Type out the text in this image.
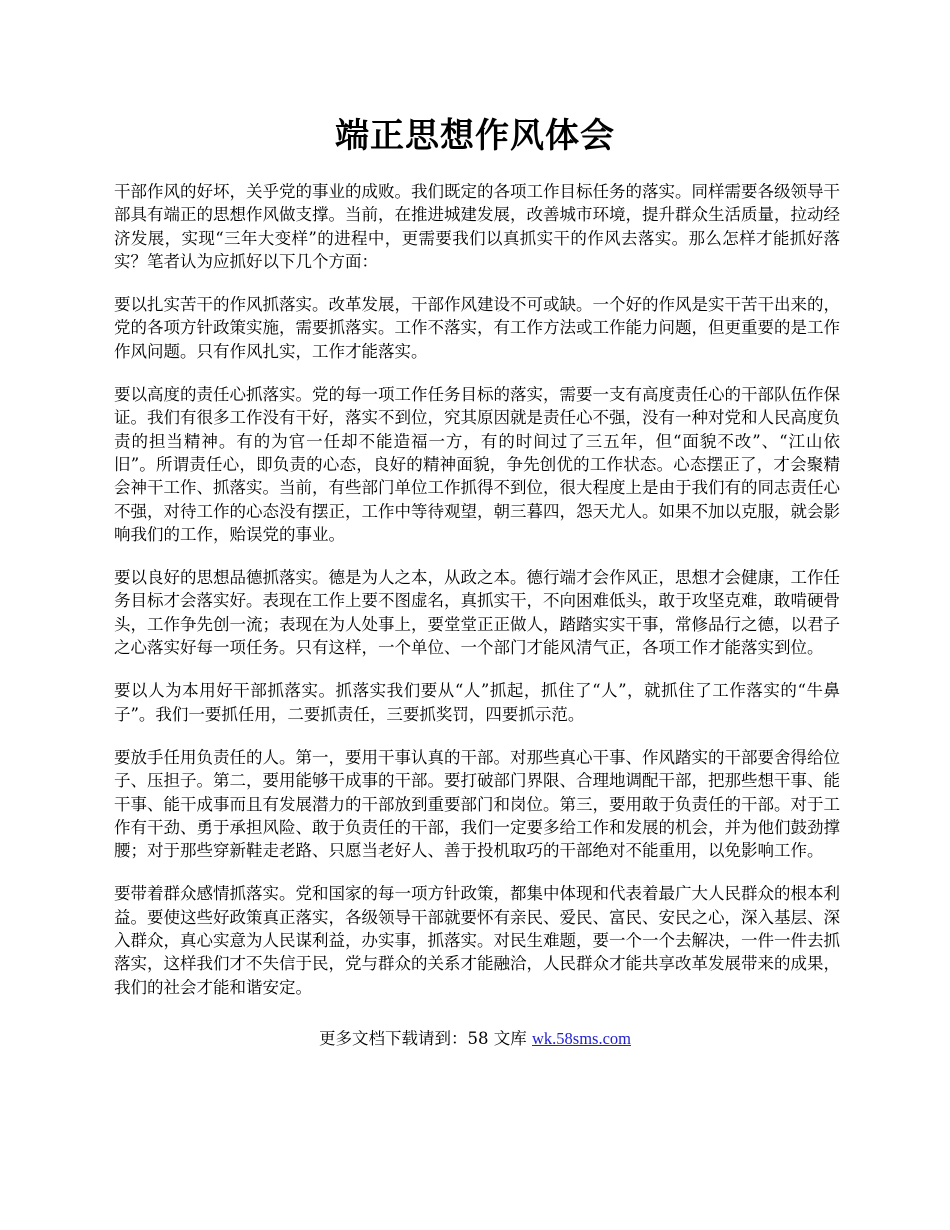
端正思想作风体会

干部作风的好坏，关乎党的事业的成败。我们既定的各项工作目标任务的落实。同样需要各级领导干部具有端正的思想作风做支撑。当前，在推进城建发展，改善城市环境，提升群众生活质量，拉动经济发展，实现“三年大变样”的进程中，更需要我们以真抓实干的作风去落实。那么怎样才能抓好落实？笔者认为应抓好以下几个方面：

要以扎实苦干的作风抓落实。改革发展，干部作风建设不可或缺。一个好的作风是实干苦干出来的，党的各项方针政策实施，需要抓落实。工作不落实，有工作方法或工作能力问题，但更重要的是工作作风问题。只有作风扎实，工作才能落实。

要以高度的责任心抓落实。党的每一项工作任务目标的落实，需要一支有高度责任心的干部队伍作保证。我们有很多工作没有干好，落实不到位，究其原因就是责任心不强，没有一种对党和人民高度负责的担当精神。有的为官一任却不能造福一方，有的时间过了三五年，但“面貌不改”、“江山依旧”。所谓责任心，即负责的心态，良好的精神面貌，争先创优的工作状态。心态摆正了，才会聚精会神干工作、抓落实。当前，有些部门单位工作抓得不到位，很大程度上是由于我们有的同志责任心不强，对待工作的心态没有摆正，工作中等待观望，朝三暮四，怨天尤人。如果不加以克服，就会影响我们的工作，贻误党的事业。

要以良好的思想品德抓落实。德是为人之本，从政之本。德行端才会作风正，思想才会健康，工作任务目标才会落实好。表现在工作上要不图虚名，真抓实干，不向困难低头，敢于攻坚克难，敢啃硬骨头，工作争先创一流；表现在为人处事上，要堂堂正正做人，踏踏实实干事，常修品行之德，以君子之心落实好每一项任务。只有这样，一个单位、一个部门才能风清气正，各项工作才能落实到位。

要以人为本用好干部抓落实。抓落实我们要从“人”抓起，抓住了“人”，就抓住了工作落实的“牛鼻子”。我们一要抓任用，二要抓责任，三要抓奖罚，四要抓示范。

要放手任用负责任的人。第一，要用干事认真的干部。对那些真心干事、作风踏实的干部要舍得给位子、压担子。第二，要用能够干成事的干部。要打破部门界限、合理地调配干部，把那些想干事、能干事、能干成事而且有发展潜力的干部放到重要部门和岗位。第三，要用敢于负责任的干部。对于工作有干劲、勇于承担风险、敢于负责任的干部，我们一定要多给工作和发展的机会，并为他们鼓劲撑腰；对于那些穿新鞋走老路、只愿当老好人、善于投机取巧的干部绝对不能重用，以免影响工作。

要带着群众感情抓落实。党和国家的每一项方针政策，都集中体现和代表着最广大人民群众的根本利益。要使这些好政策真正落实，各级领导干部就要怀有亲民、爱民、富民、安民之心，深入基层、深入群众，真心实意为人民谋利益，办实事，抓落实。对民生难题，要一个一个去解决，一件一件去抓落实，这样我们才不失信于民，党与群众的关系才能融洽，人民群众才能共享改革发展带来的成果，我们的社会才能和谐安定。

更多文档下载请到：58 文库 wk.58sms.com
